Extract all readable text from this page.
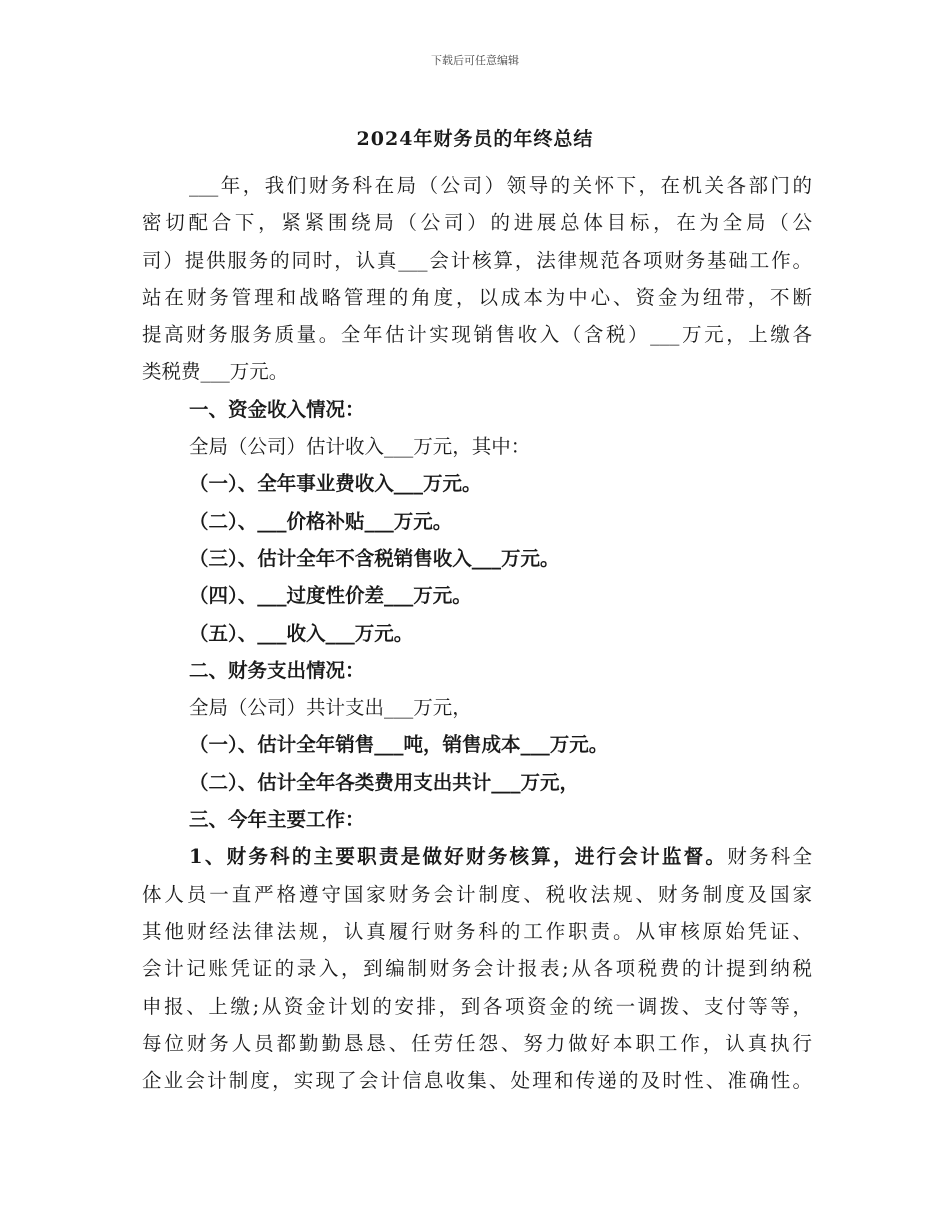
下载后可任意编辑
2024年财务员的年终总结
___年，我们财务科在局（公司）领导的关怀下，在机关各部门的
密切配合下，紧紧围绕局（公司）的进展总体目标，在为全局（公
司）提供服务的同时，认真___会计核算，法律规范各项财务基础工作。
站在财务管理和战略管理的角度，以成本为中心、资金为纽带，不断
提高财务服务质量。全年估计实现销售收入（含税）___万元，上缴各
类税费___万元。
一、资金收入情况：
全局（公司）估计收入___万元，其中：
（一）、全年事业费收入___万元。
（二）、___价格补贴___万元。
（三）、估计全年不含税销售收入___万元。
（四）、___过度性价差___万元。
（五）、___收入___万元。
二、财务支出情况：
全局（公司）共计支出___万元，
（一）、估计全年销售___吨，销售成本___万元。
（二）、估计全年各类费用支出共计___万元，
三、今年主要工作：
1、财务科的主要职责是做好财务核算，进行会计监督。财务科全
体人员一直严格遵守国家财务会计制度、税收法规、财务制度及国家
其他财经法律法规，认真履行财务科的工作职责。从审核原始凭证、
会计记账凭证的录入，到编制财务会计报表;从各项税费的计提到纳税
申报、上缴;从资金计划的安排，到各项资金的统一调拨、支付等等，
每位财务人员都勤勤恳恳、任劳任怨、努力做好本职工作，认真执行
企业会计制度，实现了会计信息收集、处理和传递的及时性、准确性。
